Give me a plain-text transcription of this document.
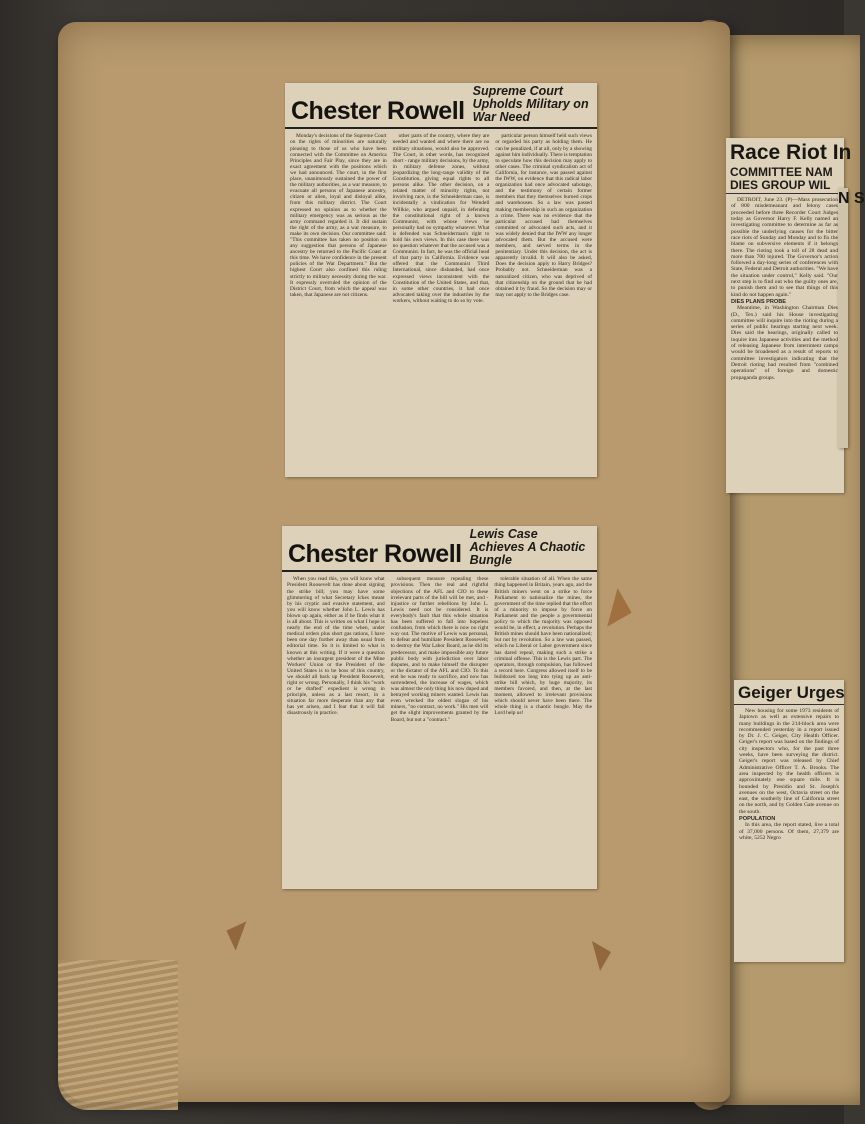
Chester Rowell
Supreme Court Upholds Military on War Need

Monday's decisions of the Supreme Court on the rights of minorities are naturally pleasing to those of us who have been connected with the Committee on America Principles and Fair Play, since they are in exact agreement with the positions which we had announced. The court, in the first place, unanimously sustained the power of the military authorities, as a war measure, to evacuate all persons of Japanese ancestry, citizen or alien, loyal and disloyal alike, from this military district. The Court expressed no opinion as to whether the military emergency was as serious as the army command regarded it. It did sustain the right of the army, as a war measure, to make its own decision. Our committee said: "This committee has taken no position on any suggestion that persons of Japanese ancestry be returned to the Pacific Coast at this time. We have confidence in the present policies of the War Department." But the highest Court also confined this ruling strictly to military necessity during the war. It expressly overruled the opinion of the District Court, from which the appeal was taken, that Japanese are not citizens.

other parts of the country, where they are needed and wanted and where there are no military situations, would also be approved. The Court, in other words, has recognized short - range military decisions, by the army, in military defense zones, without jeopardizing the long-range validity of the Constitution, giving equal rights to all persons alike. The other decision, on a related matter of minority rights, not involving race, is the Schneiderman case, is incidentally a vindication for Wendell Willkie, who argued unpaid, in defending the constitutional right of a known Communist, with whose views he personally had no sympathy whatever. What is defended was Schneiderman's right to hold his own views. In this case there was no question whatever that the accused was a Communist. In fact, he was the official head of that party in California. Evidence was offered that the Communist Third International, since disbanded, had once expressed views inconsistent with the Constitution of the United States, and that, in some other countries, it had once advocated taking over the industries by the workers, without waiting to do so by vote.

particular person himself held such views or regarded his party as holding them. He can be penalized, if at all, only by a showing against him individually. There is temptation to speculate how this decision may apply to other cases. The criminal syndicalism act of California, for instance, was passed against the IWW, on evidence that this radical labor organization had once advocated sabotage, and the testimony of certain former members that they themselves burned crops and warehouses. So a law was passed making membership in such an organization a crime. There was no evidence that the particular accused had themselves committed or advocated such acts, and it was widely denied that the IWW any longer advocated them. But the accused were members, and served terms in the penitentiary. Under this decision, the act is apparently invalid. It will also be asked, Does the decision apply to Harry Bridges? Probably not. Schneiderman was a naturalized citizen, who was deprived of that citizenship on the ground that he had obtained it by fraud. So the decision may or may not apply to the Bridges case.

Chester Rowell
Lewis Case Achieves A Chaotic Bungle

When you read this, you will know what President Roosevelt has done about signing the strike bill; you may have some glimmering of what Secretary Ickes meant by his cryptic and evasive statement, and you will know whether John L. Lewis has blown up again, either as if he finds what it is all about. This is written on what I hope is nearly the end of the time when, under medical orders plus short gas rations, I have been one day further away than usual from editorial time. So it is limited to what is known at this writing. If it were a question whether an insurgent president of the Mine Workers' Union or the President of the United States is to be boss of this country, we should all back up President Roosevelt, right or wrong. Personally, I think his "work or be drafted" expedient is wrong in principle, unless as a last resort, in a situation far more desperate than any that has yet arisen, and I fear that it will fail disastrously in practice.

subsequent measure repealing these provisions. Then the real and rightful objections of the AFL and CIO to these irrelevant parts of the bill will be met, and - injustice or further rebellions by John L. Lewis need not be considered. It is everybody's fault that this whole situation has been suffered to fall into hopeless confusion, from which there is now no right way out. The motive of Lewis was personal, to defeat and humiliate President Roosevelt; to destroy the War Labor Board, as he did its predecessor, and make impossible any future public body with jurisdiction over labor disputes, and to make himself the disrupter or the dictator of the AFL and CIO. To this end he was ready to sacrifice, and now has surrendered, the increase of wages, which was almost the only thing his now duped and betrayed working miners wanted. Lewis has even wrecked the oldest slogan of his miners, "no contract, no work." His men will get the slight improvements granted by the Board, but not a "contract."

tolerable situation of all. When the same thing happened in Britain, years ago, and the British miners went on a strike to force Parliament to nationalize the mines, the government of the time replied that the effort of a minority to impose by force on Parliament and the people a governmental policy to which the majority was opposed would be, in effect, a revolution. Perhaps the British mines should have been nationalized; but not by revolution. So a law was passed, which no Liberal or Labor government since has dared repeal, making such a strike a criminal offense. This is the Lewis part. The operators, through compulsion, has followed a record here. Congress allowed itself to be bulldozed too long into tying up an anti-strike bill which, by huge majority, its members favored, and then, at the last moment, allowed to irrelevant provisions which should never have been there. The whole thing is a chaotic bungle. May the Lord help us!

Race Riot In
COMMITTEE NAM DIES GROUP WIL

DETROIT, June 23. (P)—Mass prosecution of 800 misdemeanant and felony cases proceeded before three Recorder Court Judges today as Governor Harry F. Kelly named an investigating committee to determine as far as possible the underlying causes for the bitter race riots of Sunday and Monday and to fix the blame on subversive elements if it belongs there. The rioting took a toll of 28 dead and more than 700 injured. The Governor's action followed a day-long series of conferences with State, Federal and Detroit authorities. "We have the situation under control," Kelly said. "Our next step is to find out who the guilty ones are, to punish them and to see that things of this kind do not happen again."

DIES PLANS PROBE

Meantime, in Washington Chairman Dies (D., Tex.) said his House investigating committee will inquire into the rioting during a series of public hearings starting next week. Dies said the hearings, originally called to inquire into Japanese activities and the method of releasing Japanese from internment camps would be broadened as a result of reports to committee investigators indicating that the Detroit rioting had resulted from "combined operations" of foreign and domestic propaganda groups.

N S
Geiger Urges

New housing for some 1973 residents of Japtown as well as extensive repairs to many buildings in the 214-block area were recommended yesterday in a report issued by Dr. J. C. Geiger, City Health Officer. Geiger's report was based on the findings of city inspectors who, for the past three weeks, have been surveying the district. Geiger's report was released by Chief Administrative Officer T. A. Brooks. The area inspected by the health officers is approximately one square mile. It is bounded by Presidio and St. Joseph's avenues on the west, Octavia street on the east, the southerly line of California street on the north, and by Golden Gate avenue on the south.

POPULATION

In this area, the report stated, live a total of 37,000 persons. Of them, 27,379 are white, 5252 Negro
